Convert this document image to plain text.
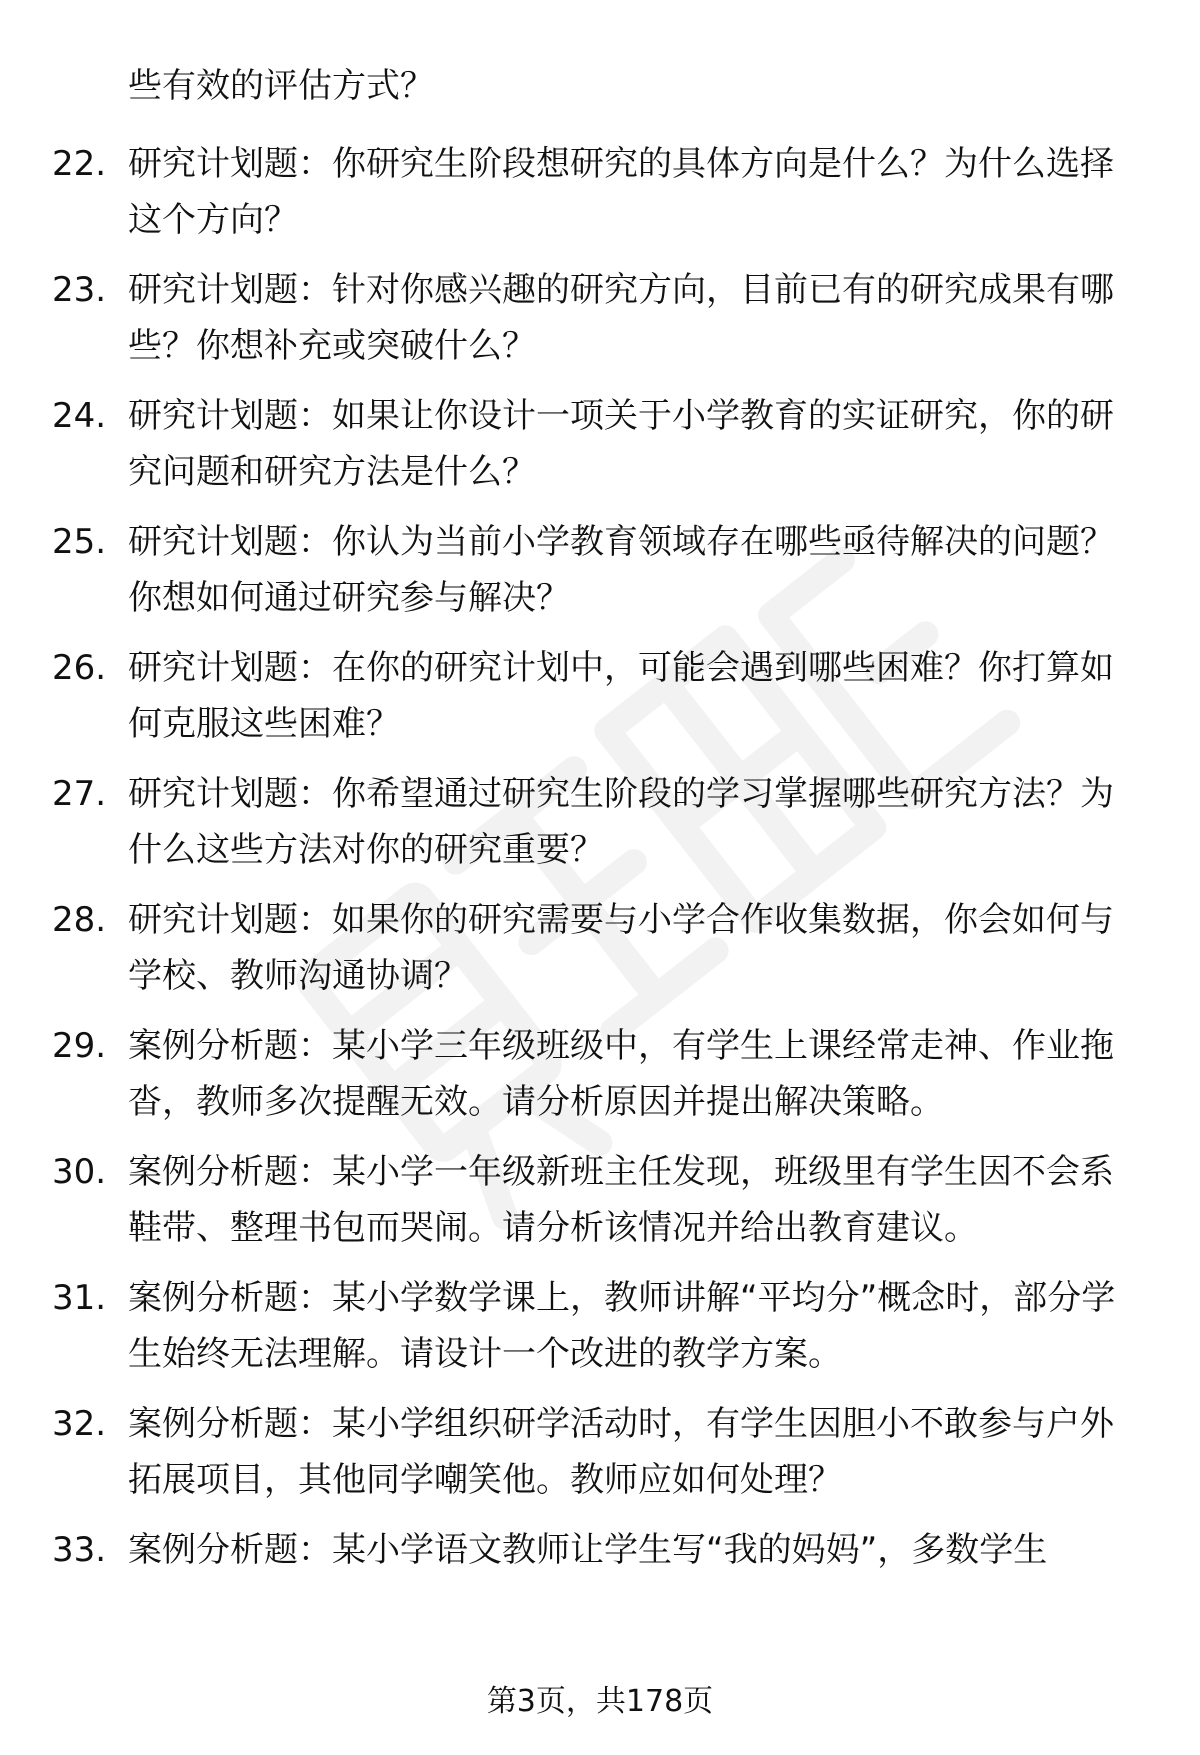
些有效的评估方式？

22. 研究计划题：你研究生阶段想研究的具体方向是什么？为什么选择这个方向？
23. 研究计划题：针对你感兴趣的研究方向，目前已有的研究成果有哪些？你想补充或突破什么？
24. 研究计划题：如果让你设计一项关于小学教育的实证研究，你的研究问题和研究方法是什么？
25. 研究计划题：你认为当前小学教育领域存在哪些亟待解决的问题？你想如何通过研究参与解决？
26. 研究计划题：在你的研究计划中，可能会遇到哪些困难？你打算如何克服这些困难？
27. 研究计划题：你希望通过研究生阶段的学习掌握哪些研究方法？为什么这些方法对你的研究重要？
28. 研究计划题：如果你的研究需要与小学合作收集数据，你会如何与学校、教师沟通协调？
29. 案例分析题：某小学三年级班级中，有学生上课经常走神、作业拖沓，教师多次提醒无效。请分析原因并提出解决策略。
30. 案例分析题：某小学一年级新班主任发现，班级里有学生因不会系鞋带、整理书包而哭闹。请分析该情况并给出教育建议。
31. 案例分析题：某小学数学课上，教师讲解“平均分”概念时，部分学生始终无法理解。请设计一个改进的教学方案。
32. 案例分析题：某小学组织研学活动时，有学生因胆小不敢参与户外拓展项目，其他同学嘲笑他。教师应如何处理？
33. 案例分析题：某小学语文教师让学生写“我的妈妈”，多数学生
第3页，共178页
